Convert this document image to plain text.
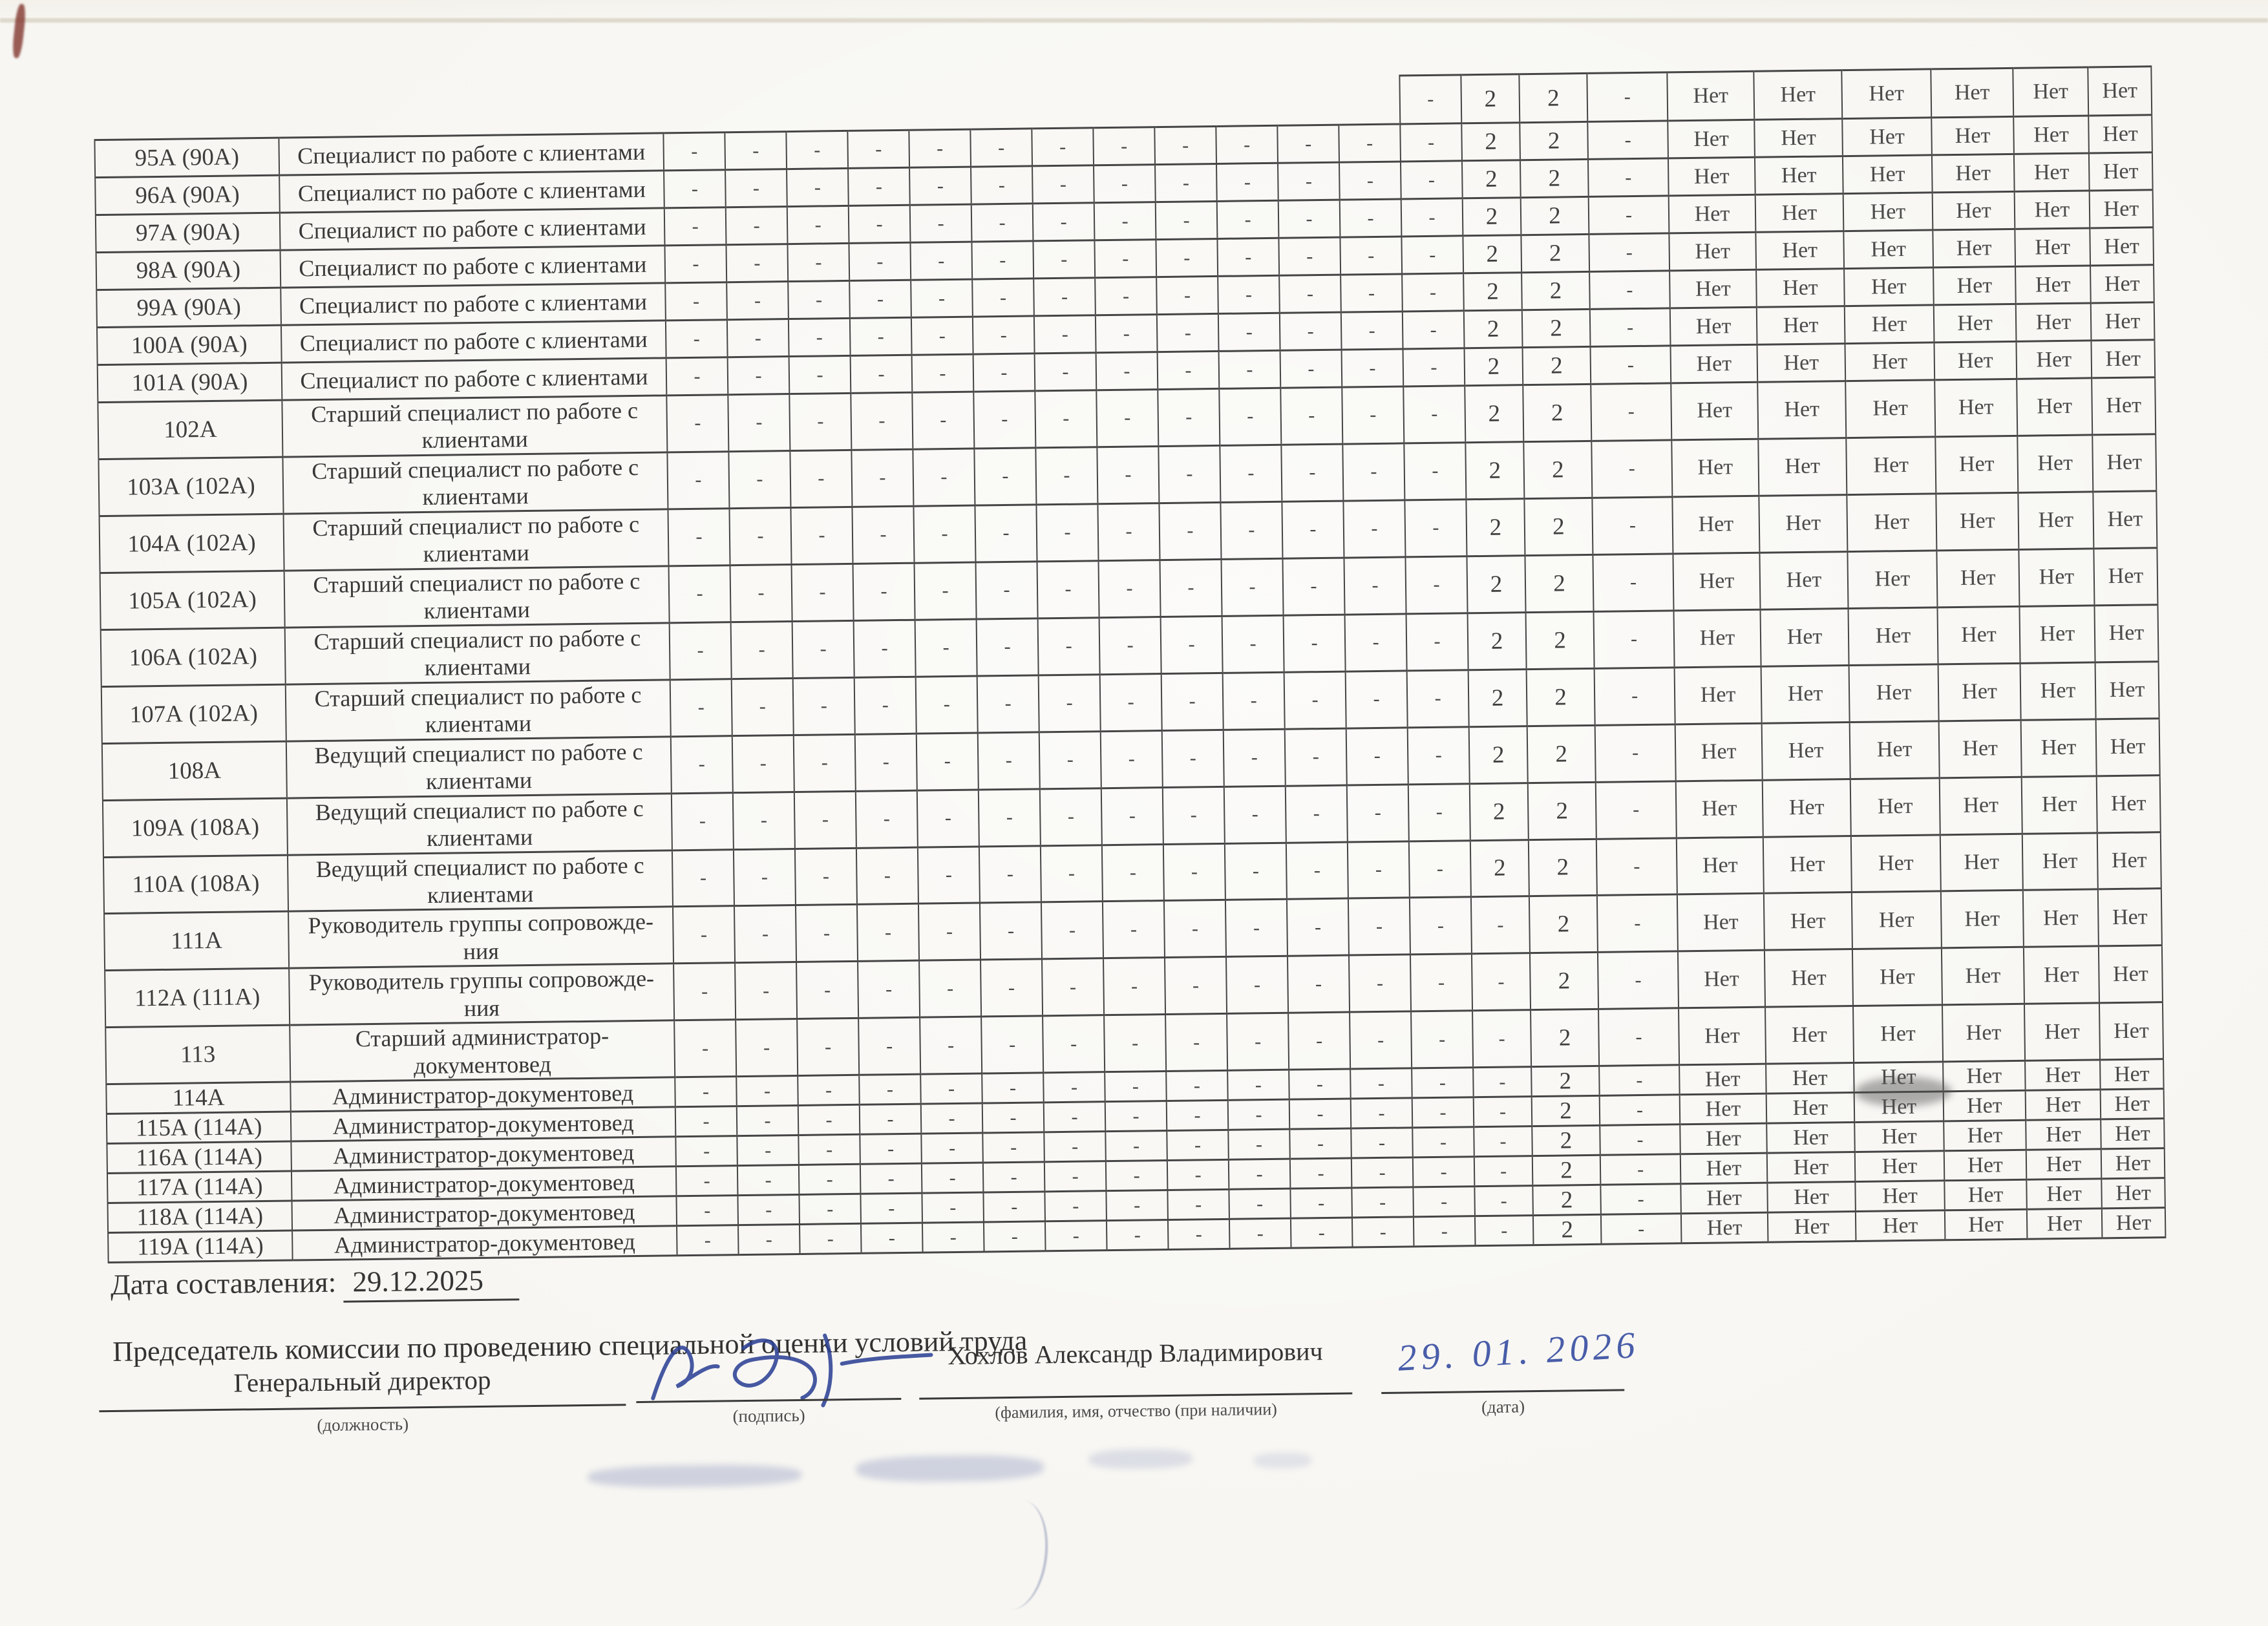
														-	2	2	-	Нет	Нет	Нет	Нет	Нет	Нет
95А (90А)	Специалист по работе с клиентами	-	-	-	-	-	-	-	-	-	-	-	-	-	2	2	-	Нет	Нет	Нет	Нет	Нет	Нет
96А (90А)	Специалист по работе с клиентами	-	-	-	-	-	-	-	-	-	-	-	-	-	2	2	-	Нет	Нет	Нет	Нет	Нет	Нет
97А (90А)	Специалист по работе с клиентами	-	-	-	-	-	-	-	-	-	-	-	-	-	2	2	-	Нет	Нет	Нет	Нет	Нет	Нет
98А (90А)	Специалист по работе с клиентами	-	-	-	-	-	-	-	-	-	-	-	-	-	2	2	-	Нет	Нет	Нет	Нет	Нет	Нет
99А (90А)	Специалист по работе с клиентами	-	-	-	-	-	-	-	-	-	-	-	-	-	2	2	-	Нет	Нет	Нет	Нет	Нет	Нет
100А (90А)	Специалист по работе с клиентами	-	-	-	-	-	-	-	-	-	-	-	-	-	2	2	-	Нет	Нет	Нет	Нет	Нет	Нет
101А (90А)	Специалист по работе с клиентами	-	-	-	-	-	-	-	-	-	-	-	-	-	2	2	-	Нет	Нет	Нет	Нет	Нет	Нет
102А	Старший специалист по работе с
клиентами	-	-	-	-	-	-	-	-	-	-	-	-	-	2	2	-	Нет	Нет	Нет	Нет	Нет	Нет
103А (102А)	Старший специалист по работе с
клиентами	-	-	-	-	-	-	-	-	-	-	-	-	-	2	2	-	Нет	Нет	Нет	Нет	Нет	Нет
104А (102А)	Старший специалист по работе с
клиентами	-	-	-	-	-	-	-	-	-	-	-	-	-	2	2	-	Нет	Нет	Нет	Нет	Нет	Нет
105А (102А)	Старший специалист по работе с
клиентами	-	-	-	-	-	-	-	-	-	-	-	-	-	2	2	-	Нет	Нет	Нет	Нет	Нет	Нет
106А (102А)	Старший специалист по работе с
клиентами	-	-	-	-	-	-	-	-	-	-	-	-	-	2	2	-	Нет	Нет	Нет	Нет	Нет	Нет
107А (102А)	Старший специалист по работе с
клиентами	-	-	-	-	-	-	-	-	-	-	-	-	-	2	2	-	Нет	Нет	Нет	Нет	Нет	Нет
108А	Ведущий специалист по работе с
клиентами	-	-	-	-	-	-	-	-	-	-	-	-	-	2	2	-	Нет	Нет	Нет	Нет	Нет	Нет
109А (108А)	Ведущий специалист по работе с
клиентами	-	-	-	-	-	-	-	-	-	-	-	-	-	2	2	-	Нет	Нет	Нет	Нет	Нет	Нет
110А (108А)	Ведущий специалист по работе с
клиентами	-	-	-	-	-	-	-	-	-	-	-	-	-	2	2	-	Нет	Нет	Нет	Нет	Нет	Нет
111А	Руководитель группы сопровожде-
ния	-	-	-	-	-	-	-	-	-	-	-	-	-	-	2	-	Нет	Нет	Нет	Нет	Нет	Нет
112А (111А)	Руководитель группы сопровожде-
ния	-	-	-	-	-	-	-	-	-	-	-	-	-	-	2	-	Нет	Нет	Нет	Нет	Нет	Нет
113	Старший администратор-
документовед	-	-	-	-	-	-	-	-	-	-	-	-	-	-	2	-	Нет	Нет	Нет	Нет	Нет	Нет
114А	Администратор-документовед	-	-	-	-	-	-	-	-	-	-	-	-	-	-	2	-	Нет	Нет	Нет	Нет	Нет	Нет
115А (114А)	Администратор-документовед	-	-	-	-	-	-	-	-	-	-	-	-	-	-	2	-	Нет	Нет	Нет	Нет	Нет	Нет
116А (114А)	Администратор-документовед	-	-	-	-	-	-	-	-	-	-	-	-	-	-	2	-	Нет	Нет	Нет	Нет	Нет	Нет
117А (114А)	Администратор-документовед	-	-	-	-	-	-	-	-	-	-	-	-	-	-	2	-	Нет	Нет	Нет	Нет	Нет	Нет
118А (114А)	Администратор-документовед	-	-	-	-	-	-	-	-	-	-	-	-	-	-	2	-	Нет	Нет	Нет	Нет	Нет	Нет
119А (114А)	Администратор-документовед	-	-	-	-	-	-	-	-	-	-	-	-	-	-	2	-	Нет	Нет	Нет	Нет	Нет	Нет
Дата составления: 29.12.2025
Председатель комиссии по проведению специальной оценки условий труда
Генеральный директор
(должность)	(подпись)
Хохлов Александр Владимирович
(фамилия, имя, отчество (при наличии)
29. 01. 2026
(дата)
